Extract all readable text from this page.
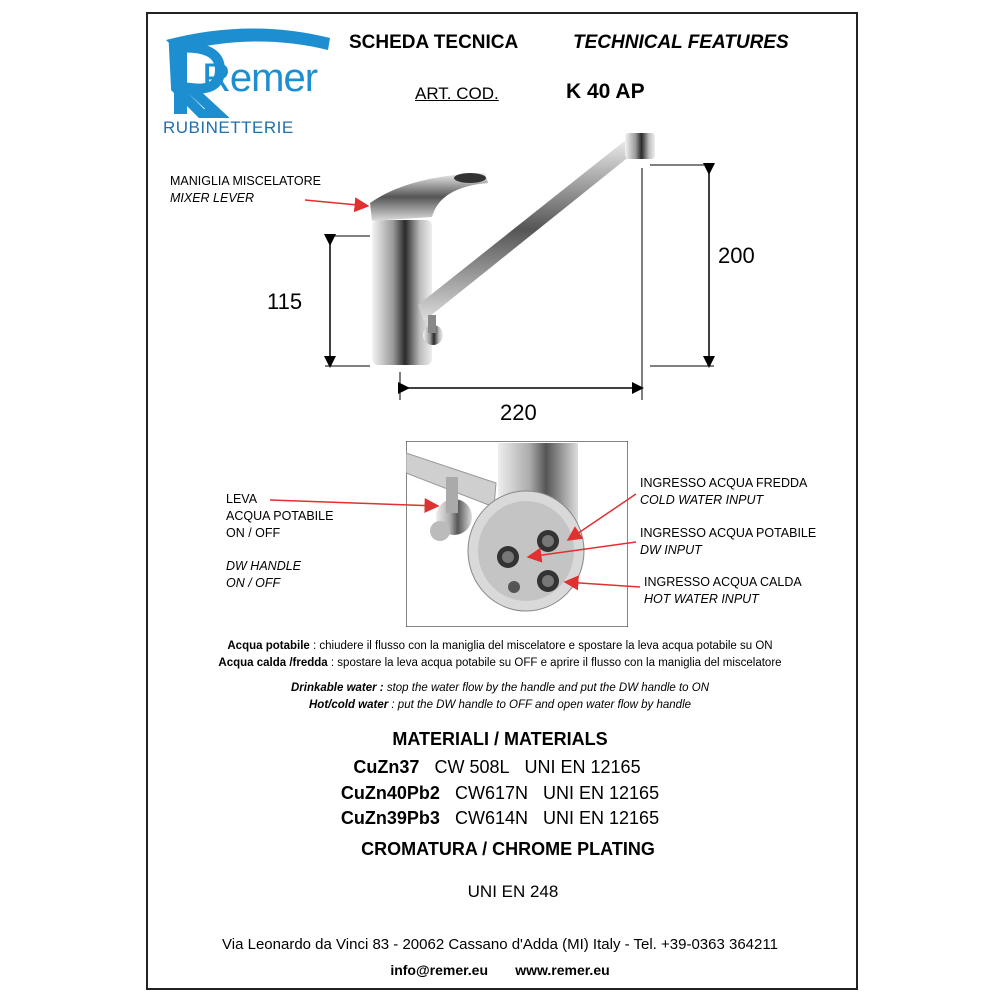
Remer
RUBINETTERIE
SCHEDA TECNICA	TECHNICAL FEATURES
ART. COD.	K 40 AP
MANIGLIA MISCELATORE
MIXER LEVER
115
200
220
LEVA
ACQUA POTABILE
ON / OFF
DW HANDLE
ON / OFF
INGRESSO ACQUA FREDDA
COLD WATER INPUT
INGRESSO ACQUA POTABILE
DW INPUT
INGRESSO ACQUA CALDA
HOT WATER INPUT
Acqua potabile : chiudere il flusso con la maniglia del miscelatore e spostare la leva acqua potabile su ON
Acqua calda /fredda : spostare la leva acqua potabile su OFF e aprire il flusso con la maniglia del miscelatore
Drinkable water : stop the water flow by the handle and put the DW handle to ON
Hot/cold water : put the DW handle to OFF and open water flow by handle
MATERIALI / MATERIALS
CuZn37 CW 508L UNI EN 12165
CuZn40Pb2 CW617N UNI EN 12165
CuZn39Pb3 CW614N UNI EN 12165
CROMATURA / CHROME PLATING
UNI EN 248
Via Leonardo da Vinci 83 - 20062 Cassano d'Adda (MI) Italy - Tel. +39-0363 364211
info@remer.eu www.remer.eu
